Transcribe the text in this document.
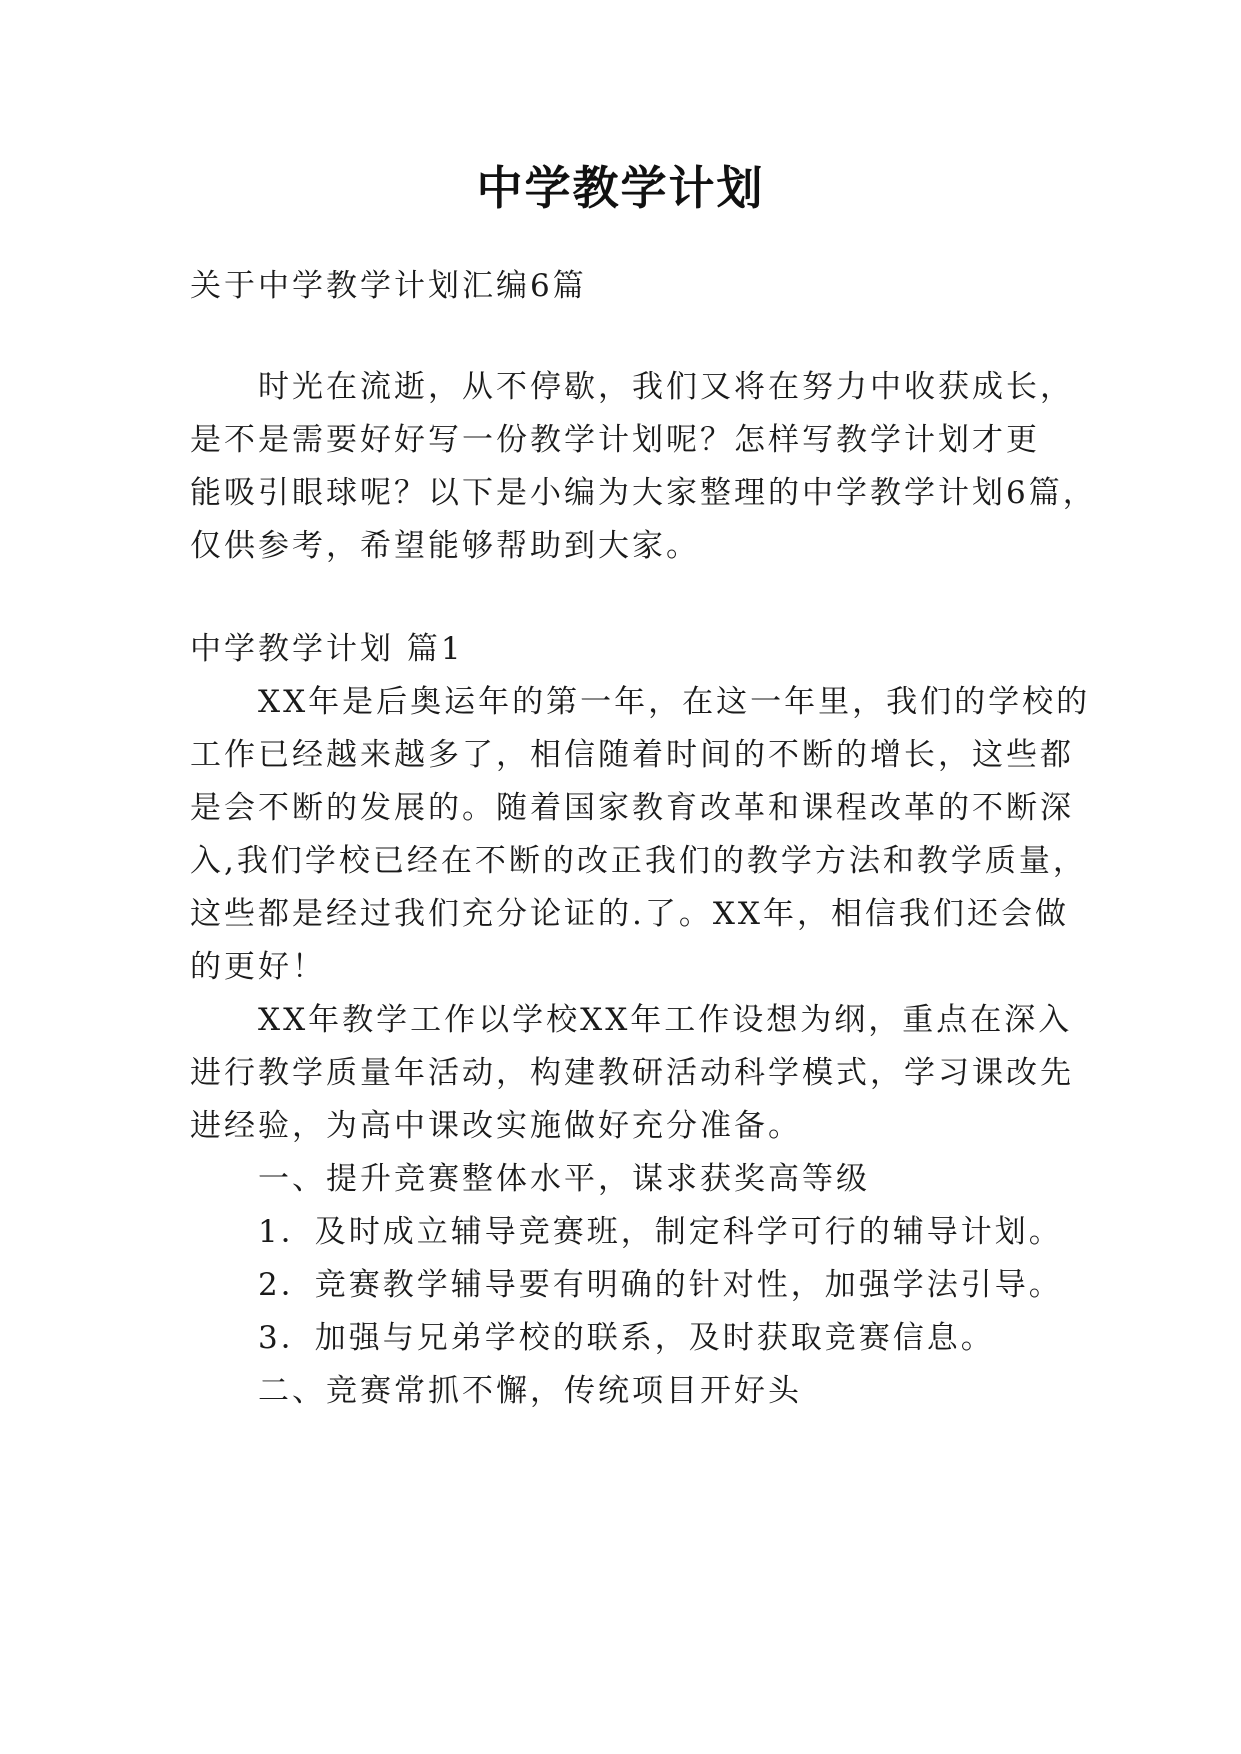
中学教学计划
关于中学教学计划汇编6篇
　　时光在流逝，从不停歇，我们又将在努力中收获成长，
是不是需要好好写一份教学计划呢？怎样写教学计划才更
能吸引眼球呢？以下是小编为大家整理的中学教学计划6篇，
仅供参考，希望能够帮助到大家。
中学教学计划 篇1
　　XX年是后奥运年的第一年，在这一年里，我们的学校的
工作已经越来越多了，相信随着时间的不断的增长，这些都
是会不断的发展的。随着国家教育改革和课程改革的不断深
入,我们学校已经在不断的改正我们的教学方法和教学质量，
这些都是经过我们充分论证的.了。XX年，相信我们还会做
的更好！
　　XX年教学工作以学校XX年工作设想为纲，重点在深入
进行教学质量年活动，构建教研活动科学模式，学习课改先
进经验，为高中课改实施做好充分准备。
　　一、提升竞赛整体水平，谋求获奖高等级
　　1．及时成立辅导竞赛班，制定科学可行的辅导计划。
　　2．竞赛教学辅导要有明确的针对性，加强学法引导。
　　3．加强与兄弟学校的联系，及时获取竞赛信息。
　　二、竞赛常抓不懈，传统项目开好头
